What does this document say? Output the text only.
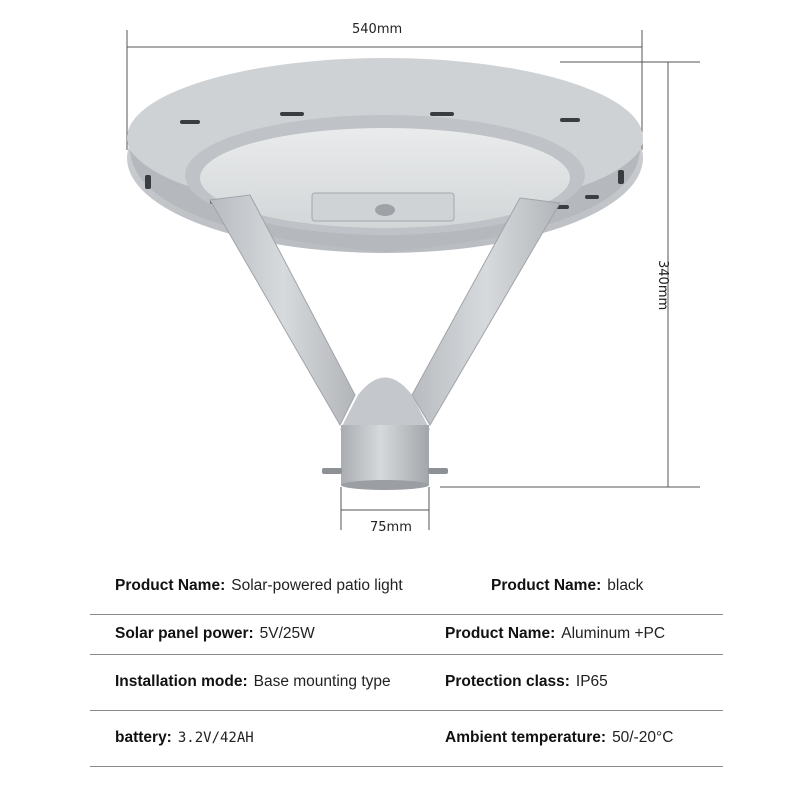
540mm
340mm
75mm
Product Name: Solar-powered patio light	Product Name: black
Solar panel power: 5V/25W	Product Name: Aluminum +PC
Installation mode: Base mounting type	Protection class: IP65
battery: 3.2V/42AH	Ambient temperature: 50/-20°C
